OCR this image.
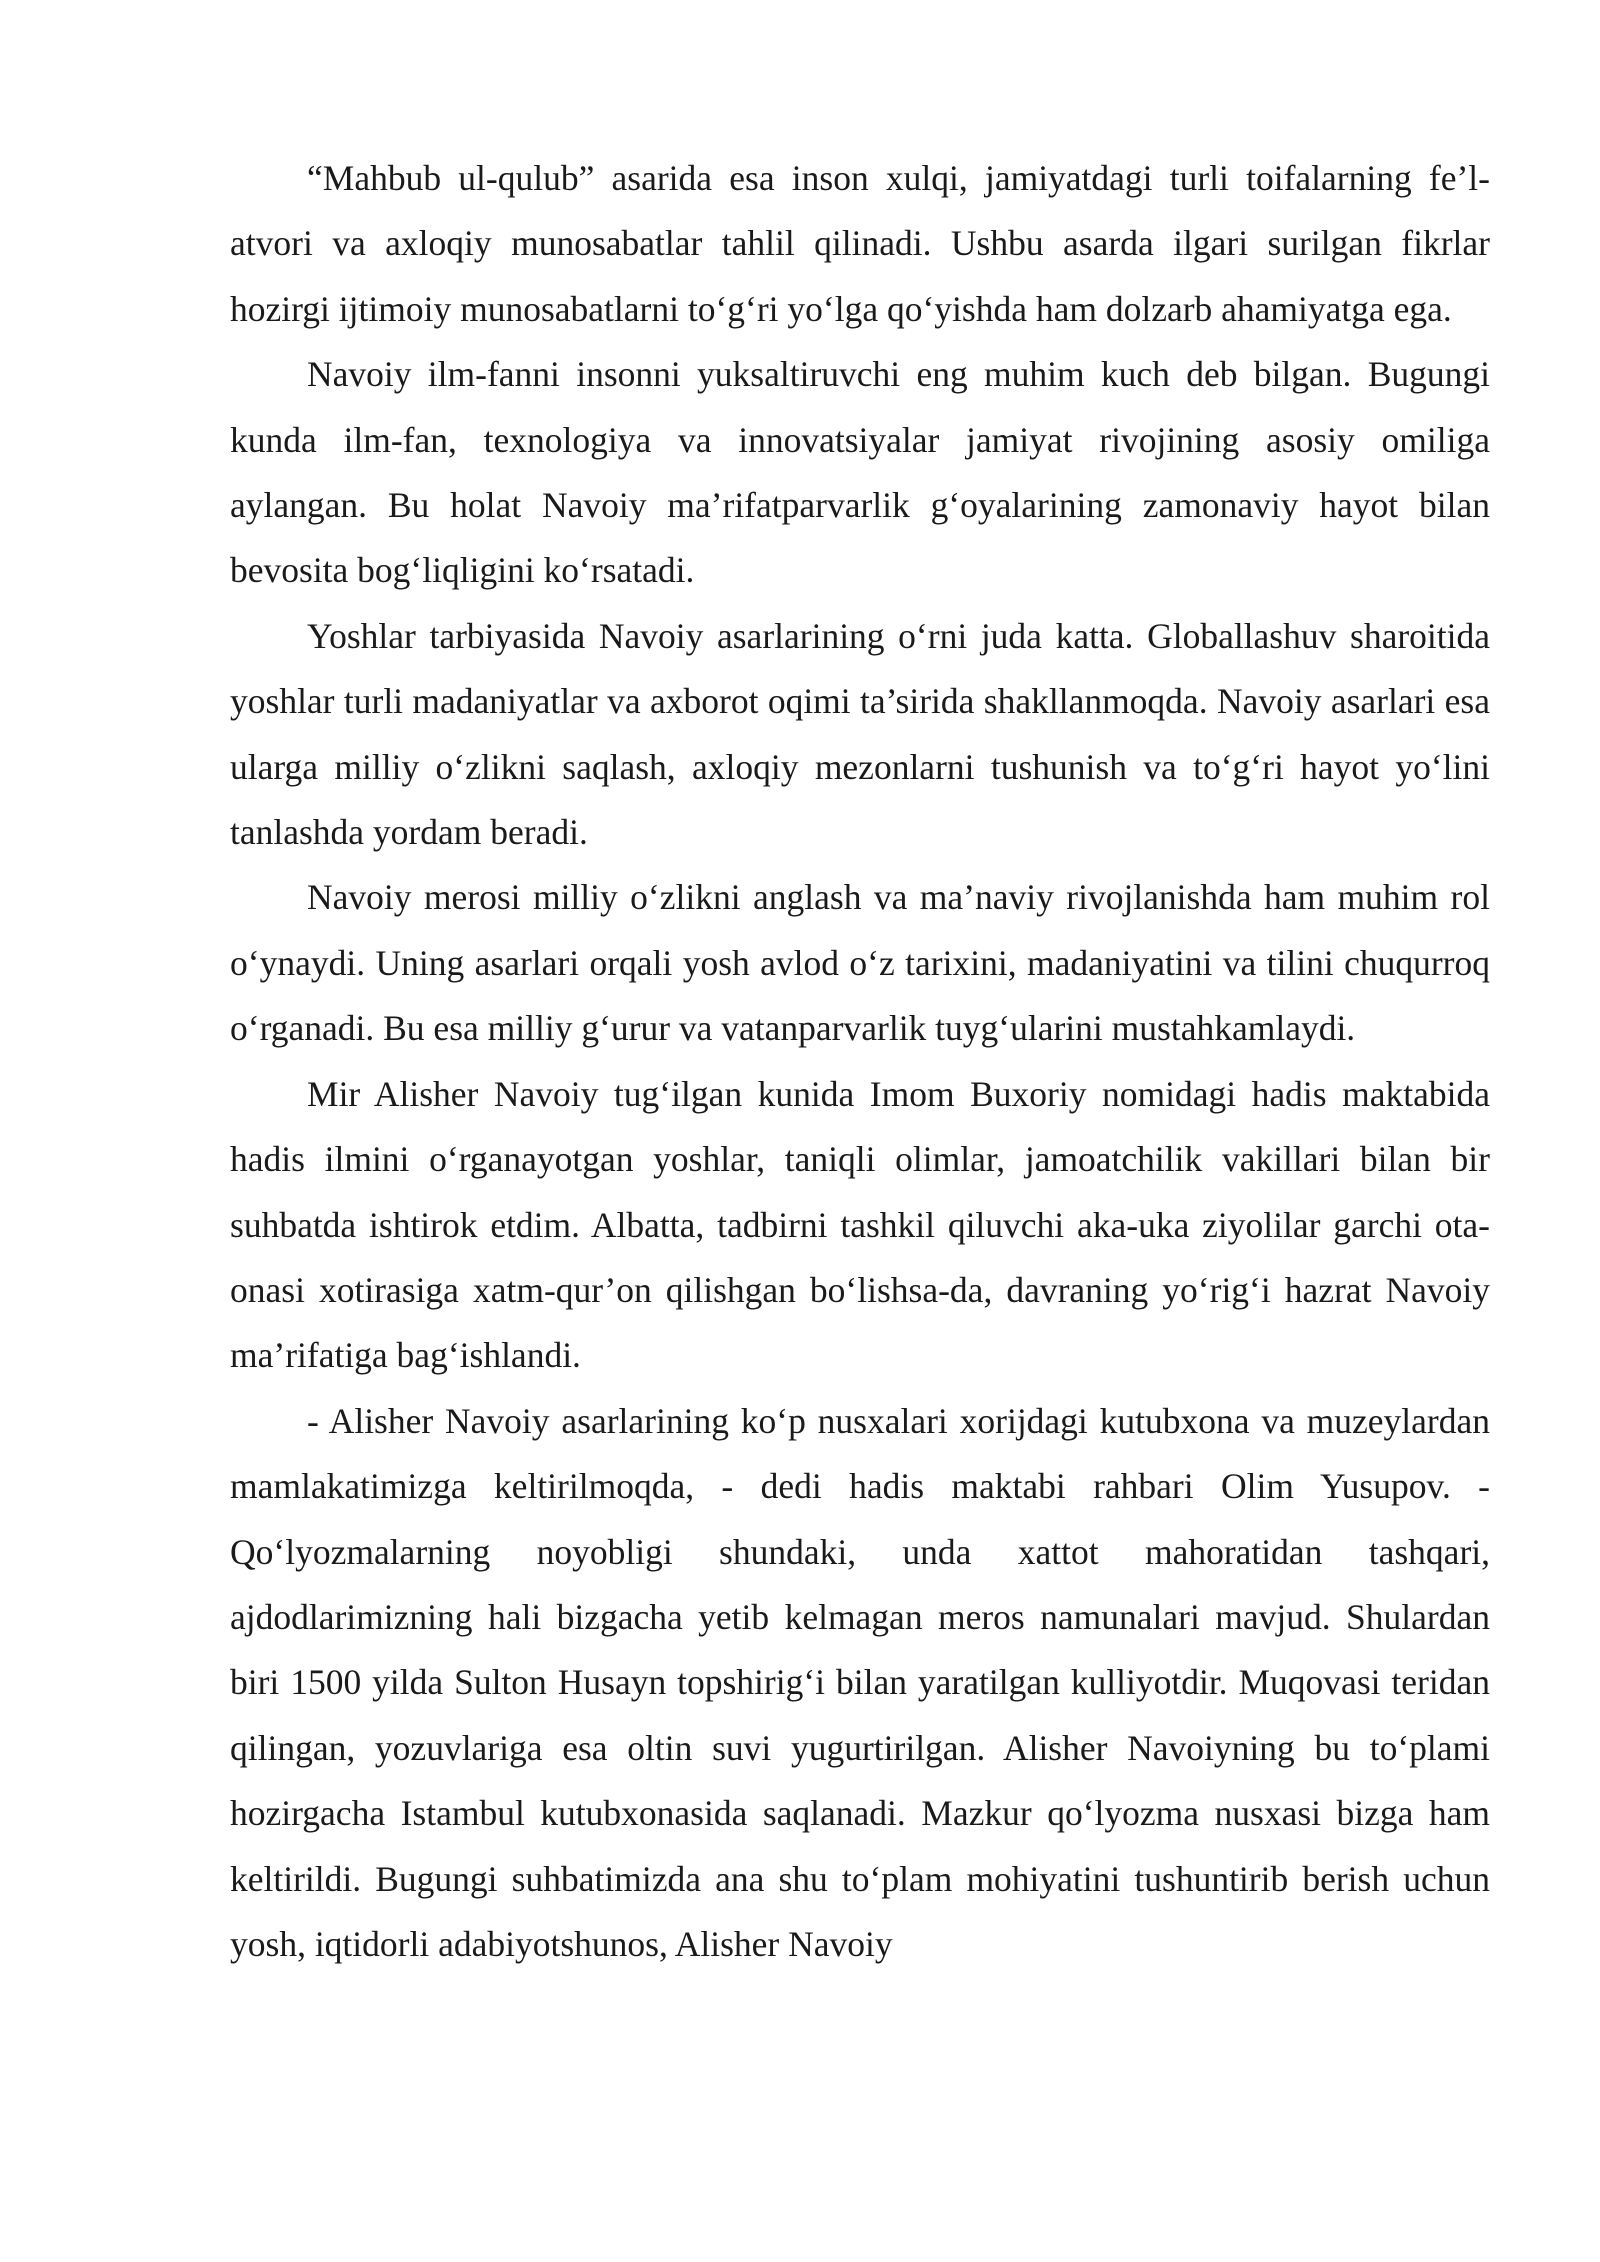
“Mahbub ul-qulub” asarida esa inson xulqi, jamiyatdagi turli toifalarning fe’l-atvori va axloqiy munosabatlar tahlil qilinadi. Ushbu asarda ilgari surilgan fikrlar hozirgi ijtimoiy munosabatlarni to‘g‘ri yo‘lga qo‘yishda ham dolzarb ahamiyatga ega.

Navoiy ilm-fanni insonni yuksaltiruvchi eng muhim kuch deb bilgan. Bugungi kunda ilm-fan, texnologiya va innovatsiyalar jamiyat rivojining asosiy omiliga aylangan. Bu holat Navoiy ma’rifatparvarlik g‘oyalarining zamonaviy hayot bilan bevosita bog‘liqligini ko‘rsatadi.

Yoshlar tarbiyasida Navoiy asarlarining o‘rni juda katta. Globallashuv sharoitida yoshlar turli madaniyatlar va axborot oqimi ta’sirida shakllanmoqda. Navoiy asarlari esa ularga milliy o‘zlikni saqlash, axloqiy mezonlarni tushunish va to‘g‘ri hayot yo‘lini tanlashda yordam beradi.

Navoiy merosi milliy o‘zlikni anglash va ma’naviy rivojlanishda ham muhim rol o‘ynaydi. Uning asarlari orqali yosh avlod o‘z tarixini, madaniyatini va tilini chuqurroq o‘rganadi. Bu esa milliy g‘urur va vatanparvarlik tuyg‘ularini mustahkamlaydi.

Mir Alisher Navoiy tug‘ilgan kunida Imom Buxoriy nomidagi hadis maktabida hadis ilmini o‘rganayotgan yoshlar, taniqli olimlar, jamoatchilik vakillari bilan bir suhbatda ishtirok etdim. Albatta, tadbirni tashkil qiluvchi aka-uka ziyolilar garchi ota-onasi xotirasiga xatm-qur’on qilishgan bo‘lishsa-da, davraning yo‘rig‘i hazrat Navoiy ma’rifatiga bag‘ishlandi.

- Alisher Navoiy asarlarining ko‘p nusxalari xorijdagi kutubxona va muzeylardan mamlakatimizga keltirilmoqda, - dedi hadis maktabi rahbari Olim Yusupov. - Qo‘lyozmalarning noyobligi shundaki, unda xattot mahoratidan tashqari, ajdodlarimizning hali bizgacha yetib kelmagan meros namunalari mavjud. Shulardan biri 1500 yilda Sulton Husayn topshirig‘i bilan yaratilgan kulliyotdir. Muqovasi teridan qilingan, yozuvlariga esa oltin suvi yugurtirilgan. Alisher Navoiyning bu to‘plami hozirgacha Istambul kutubxonasida saqlanadi. Mazkur qo‘lyozma nusxasi bizga ham keltirildi. Bugungi suhbatimizda ana shu to‘plam mohiyatini tushuntirib berish uchun yosh, iqtidorli adabiyotshunos, Alisher Navoiy
